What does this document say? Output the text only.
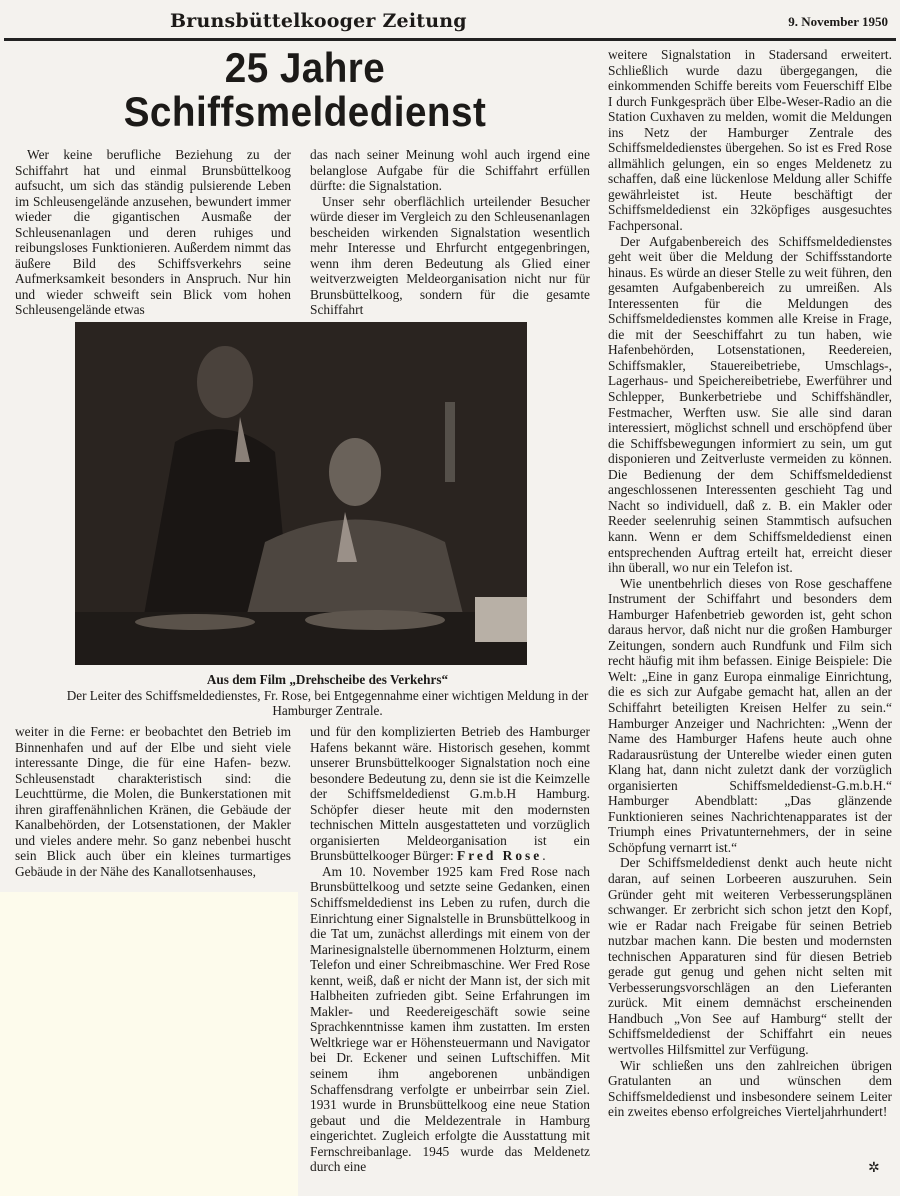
Brunsbüttelkooger Zeitung	9. November 1950
25 Jahre
Schiffsmeldedienst

Wer keine berufliche Beziehung zu der Schiffahrt hat und einmal Brunsbüttelkoog aufsucht, um sich das ständig pulsierende Leben im Schleusengelände anzusehen, bewundert immer wieder die gigantischen Ausmaße der Schleusenanlagen und deren ruhiges und reibungsloses Funktionieren. Außerdem nimmt das äußere Bild des Schiffsverkehrs seine Aufmerksamkeit besonders in Anspruch. Nur hin und wieder schweift sein Blick vom hohen Schleusengelände etwas

das nach seiner Meinung wohl auch irgend eine belanglose Aufgabe für die Schiffahrt erfüllen dürfte: die Signalstation.

Unser sehr oberflächlich urteilender Besucher würde dieser im Vergleich zu den Schleusenanlagen bescheiden wirkenden Signalstation wesentlich mehr Interesse und Ehrfurcht entgegenbringen, wenn ihm deren Bedeutung als Glied einer weitverzweigten Meldeorganisation nicht nur für Brunsbüttelkoog, sondern für die gesamte Schiffahrt

weitere Signalstation in Stadersand erweitert. Schließlich wurde dazu übergegangen, die einkommenden Schiffe bereits vom Feuerschiff Elbe I durch Funkgespräch über Elbe-Weser-Radio an die Station Cuxhaven zu melden, womit die Meldungen ins Netz der Hamburger Zentrale des Schiffsmeldedienstes übergehen. So ist es Fred Rose allmählich gelungen, ein so enges Meldenetz zu schaffen, daß eine lückenlose Meldung aller Schiffe gewährleistet ist. Heute beschäftigt der Schiffsmeldedienst ein 32köpfiges ausgesuchtes Fachpersonal.

Der Aufgabenbereich des Schiffsmeldedienstes geht weit über die Meldung der Schiffsstandorte hinaus. Es würde an dieser Stelle zu weit führen, den gesamten Aufgabenbereich zu umreißen. Als Interessenten für die Meldungen des Schiffsmeldedienstes kommen alle Kreise in Frage, die mit der Seeschiffahrt zu tun haben, wie Hafenbehörden, Lotsenstationen, Reedereien, Schiffsmakler, Stauereibetriebe, Umschlags-, Lagerhaus- und Speichereibetriebe, Ewerführer und Schlepper, Bunkerbetriebe und Schiffshändler, Festmacher, Werften usw. Sie alle sind daran interessiert, möglichst schnell und erschöpfend über die Schiffsbewegungen informiert zu sein, um gut disponieren und Zeitverluste vermeiden zu können. Die Bedienung der dem Schiffsmeldedienst angeschlossenen Interessenten geschieht Tag und Nacht so individuell, daß z. B. ein Makler oder Reeder seelenruhig seinen Stammtisch aufsuchen kann. Wenn er dem Schiffsmeldedienst einen entsprechenden Auftrag erteilt hat, erreicht dieser ihn überall, wo nur ein Telefon ist.

Wie unentbehrlich dieses von Rose geschaffene Instrument der Schiffahrt und besonders dem Hamburger Hafenbetrieb geworden ist, geht schon daraus hervor, daß nicht nur die großen Hamburger Zeitungen, sondern auch Rundfunk und Film sich recht häufig mit ihm befassen. Einige Beispiele: Die Welt: „Eine in ganz Europa einmalige Einrichtung, die es sich zur Aufgabe gemacht hat, allen an der Schiffahrt beteiligten Kreisen Helfer zu sein.“ Hamburger Anzeiger und Nachrichten: „Wenn der Name des Hamburger Hafens heute auch ohne Radarausrüstung der Unterelbe wieder einen guten Klang hat, dann nicht zuletzt dank der vorzüglich organisierten Schiffsmeldedienst-G.m.b.H.“ Hamburger Abendblatt: „Das glänzende Funktionieren seines Nachrichtenapparates ist der Triumph eines Privatunternehmers, der in seine Schöpfung vernarrt ist.“

Der Schiffsmeldedienst denkt auch heute nicht daran, auf seinen Lorbeeren auszuruhen. Sein Gründer geht mit weiteren Verbesserungsplänen schwanger. Er zerbricht sich schon jetzt den Kopf, wie er Radar nach Freigabe für seinen Betrieb nutzbar machen kann. Die besten und modernsten technischen Apparaturen sind für diesen Betrieb gerade gut genug und gehen nicht selten mit Verbesserungsvorschlägen an den Lieferanten zurück. Mit einem demnächst erscheinenden Handbuch „Von See auf Hamburg“ stellt der Schiffsmeldedienst der Schiffahrt ein neues wertvolles Hilfsmittel zur Verfügung.

Wir schließen uns den zahlreichen übrigen Gratulanten an und wünschen dem Schiffsmeldedienst und insbesondere seinem Leiter ein zweites ebenso erfolgreiches Vierteljahrhundert!

✲
Aus dem Film „Drehscheibe des Verkehrs“
Der Leiter des Schiffsmeldedienstes, Fr. Rose, bei Entgegennahme einer wichtigen Meldung in der Hamburger Zentrale.

weiter in die Ferne: er beobachtet den Betrieb im Binnenhafen und auf der Elbe und sieht viele interessante Dinge, die für eine Hafen- bezw. Schleusenstadt charakteristisch sind: die Leuchttürme, die Molen, die Bunkerstationen mit ihren giraffenähnlichen Kränen, die Gebäude der Kanalbehörden, der Lotsenstationen, der Makler und vieles andere mehr. So ganz nebenbei huscht sein Blick auch über ein kleines turmartiges Gebäude in der Nähe des Kanallotsenhauses,

und für den komplizierten Betrieb des Hamburger Hafens bekannt wäre. Historisch gesehen, kommt unserer Brunsbüttelkooger Signalstation noch eine besondere Bedeutung zu, denn sie ist die Keimzelle der Schiffsmeldedienst G.m.b.H Hamburg. Schöpfer dieser heute mit den modernsten technischen Mitteln ausgestatteten und vorzüglich organisierten Meldeorganisation ist ein Brunsbüttelkooger Bürger: Fred Rose.

Am 10. November 1925 kam Fred Rose nach Brunsbüttelkoog und setzte seine Gedanken, einen Schiffsmeldedienst ins Leben zu rufen, durch die Einrichtung einer Signalstelle in Brunsbüttelkoog in die Tat um, zunächst allerdings mit einem von der Marinesignalstelle übernommenen Holzturm, einem Telefon und einer Schreibmaschine. Wer Fred Rose kennt, weiß, daß er nicht der Mann ist, der sich mit Halbheiten zufrieden gibt. Seine Erfahrungen im Makler- und Reedereigeschäft sowie seine Sprachkenntnisse kamen ihm zustatten. Im ersten Weltkriege war er Höhensteuermann und Navigator bei Dr. Eckener und seinen Luftschiffen. Mit seinem ihm angeborenen unbändigen Schaffensdrang verfolgte er unbeirrbar sein Ziel. 1931 wurde in Brunsbüttelkoog eine neue Station gebaut und die Meldezentrale in Hamburg eingerichtet. Zugleich erfolgte die Ausstattung mit Fernschreibanlage. 1945 wurde das Meldenetz durch eine
